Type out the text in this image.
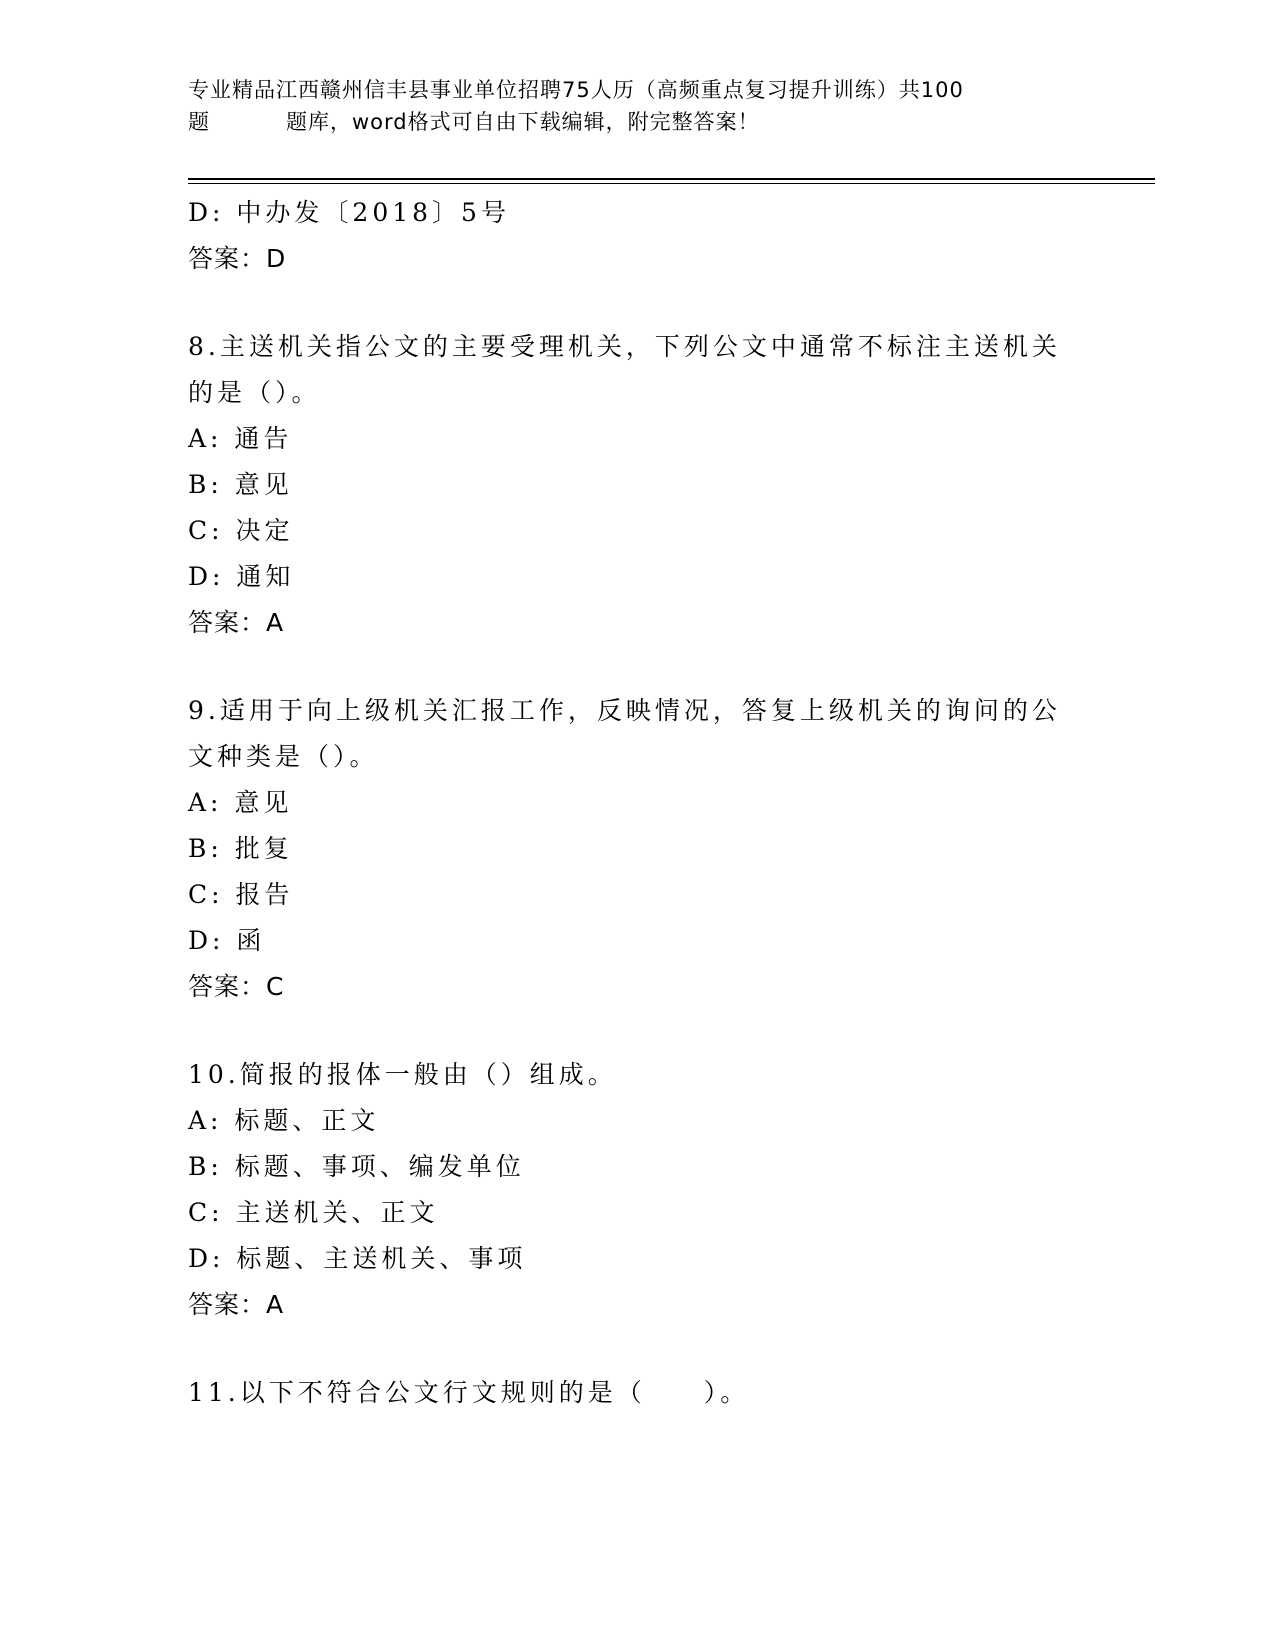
专业精品江西赣州信丰县事业单位招聘75人历（高频重点复习提升训练）共100
题	题库，word格式可自由下载编辑，附完整答案！
D: 中办发〔2018〕5号
答案：D
8.主送机关指公文的主要受理机关，下列公文中通常不标注主送机关
的是（）。
A: 通告
B: 意见
C: 决定
D: 通知
答案：A
9.适用于向上级机关汇报工作，反映情况，答复上级机关的询问的公
文种类是（）。
A: 意见
B: 批复
C: 报告
D: 函
答案：C
10.简报的报体一般由（）组成。
A: 标题、正文
B: 标题、事项、编发单位
C: 主送机关、正文
D: 标题、主送机关、事项
答案：A
11.以下不符合公文行文规则的是（　　）。
